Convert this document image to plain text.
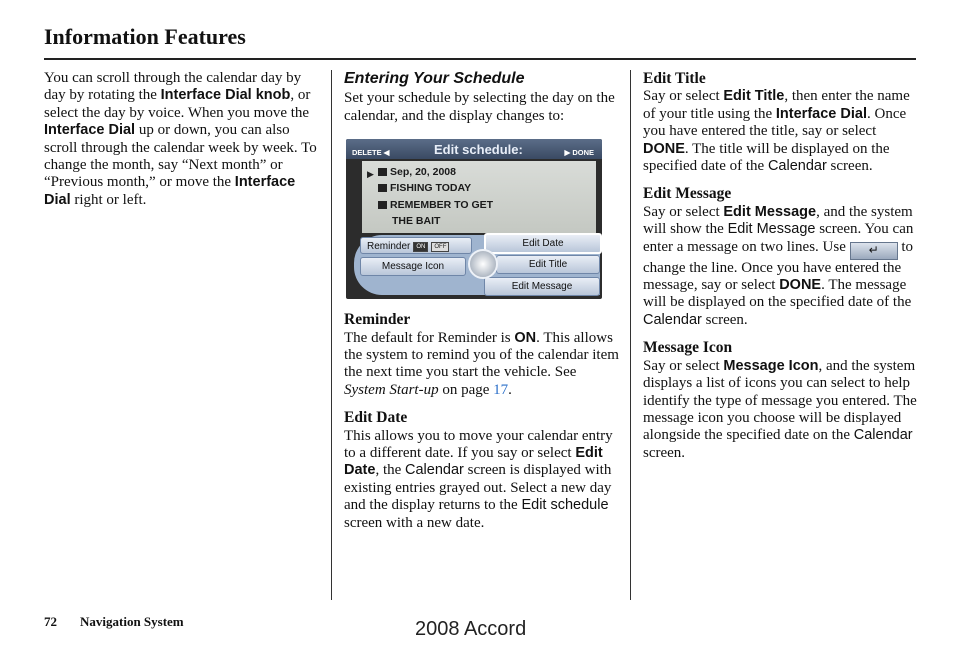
Information Features

You can scroll through the calendar day by day by rotating the Interface Dial knob, or select the day by voice. When you move the Interface Dial up or down, you can also scroll through the calendar week by week. To change the month, say “Next month” or “Previous month,” or move the Interface Dial right or left.

Entering Your Schedule

Set your schedule by selecting the day on the calendar, and the display changes to:

DELETE ◀	Edit schedule:	▶ DONE
▶	Sep, 20, 2008
FISHING TODAY
REMEMBER TO GET
THE BAIT
Reminder ON OFF
Message Icon
Edit Date
Edit Title
Edit Message
Reminder

The default for Reminder is ON. This allows the system to remind you of the calendar item the next time you start the vehicle. See System Start-up on page 17.

Edit Date

This allows you to move your calendar entry to a different date. If you say or select Edit Date, the Calendar screen is displayed with existing entries grayed out. Select a new day and the display returns to the Edit schedule screen with a new date.

Edit Title

Say or select Edit Title, then enter the name of your title using the Interface Dial. Once you have entered the title, say or select DONE. The title will be displayed on the specified date of the Calendar screen.

Edit Message

Say or select Edit Message, and the system will show the Edit Message screen. You can enter a message on two lines. Use ↵ to change the line. Once you have entered the message, say or select DONE. The message will be displayed on the specified date of the Calendar screen.

Message Icon

Say or select Message Icon, and the system displays a list of icons you can select to help identify the type of message you entered. The message icon you choose will be displayed alongside the specified date on the Calendar screen.

72 Navigation System	2008 Accord
